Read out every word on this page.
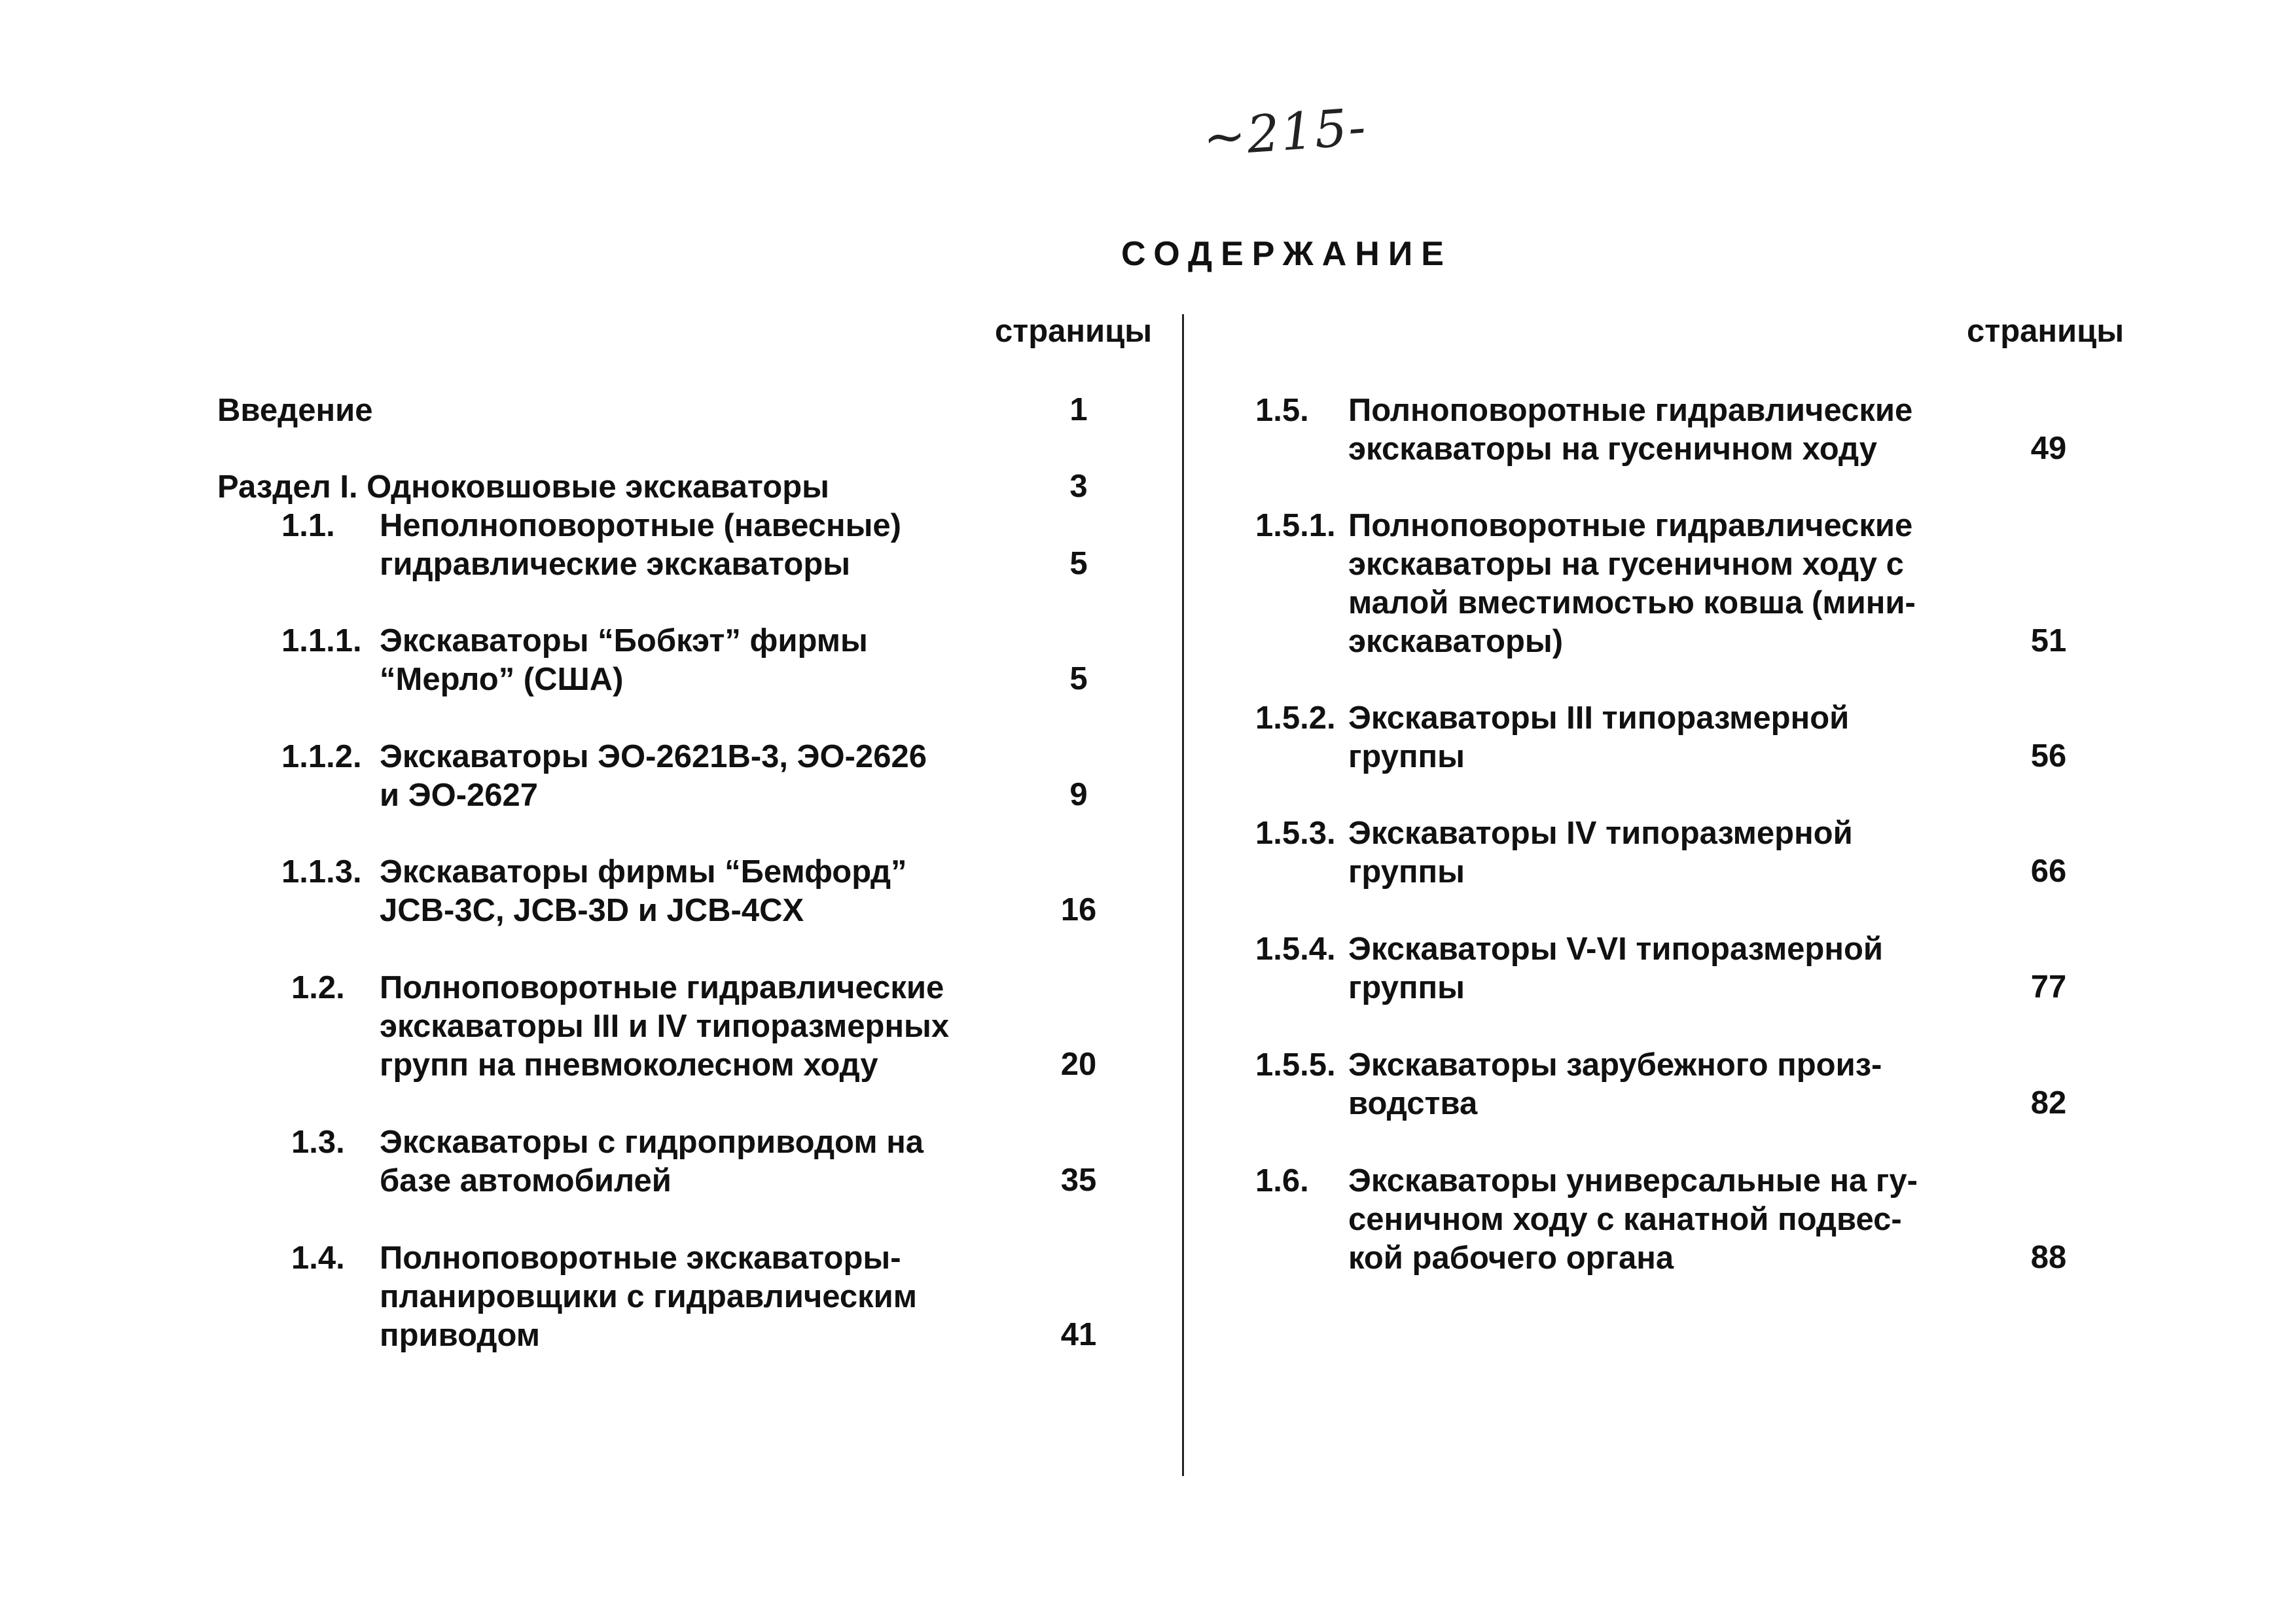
~215-
СОДЕРЖАНИЕ
страницы	страницы
Введение	1
Раздел I. Одноковшовые экскаваторы	3
1.1. Неполноповоротные (навесные)
гидравлические экскаваторы	5
1.1.1. Экскаваторы “Бобкэт” фирмы
“Мерло” (США)	5
1.1.2. Экскаваторы ЭО-2621В-3, ЭО-2626
и ЭО-2627	9
1.1.3. Экскаваторы фирмы “Бемфорд”
JCB-3C, JCB-3D и JCB-4CX	16
1.2. Полноповоротные гидравлические
экскаваторы III и IV типоразмерных
групп на пневмоколесном ходу	20
1.3. Экскаваторы с гидроприводом на
базе автомобилей	35
1.4. Полноповоротные экскаваторы-
планировщики с гидравлическим
приводом	41
1.5. Полноповоротные гидравлические
экскаваторы на гусеничном ходу	49
1.5.1. Полноповоротные гидравлические
экскаваторы на гусеничном ходу с
малой вместимостью ковша (мини-
экскаваторы)	51
1.5.2. Экскаваторы III типоразмерной
группы	56
1.5.3. Экскаваторы IV типоразмерной
группы	66
1.5.4. Экскаваторы V-VI типоразмерной
группы	77
1.5.5. Экскаваторы зарубежного произ-
водства	82
1.6. Экскаваторы универсальные на гу-
сеничном ходу с канатной подвес-
кой рабочего органа	88
